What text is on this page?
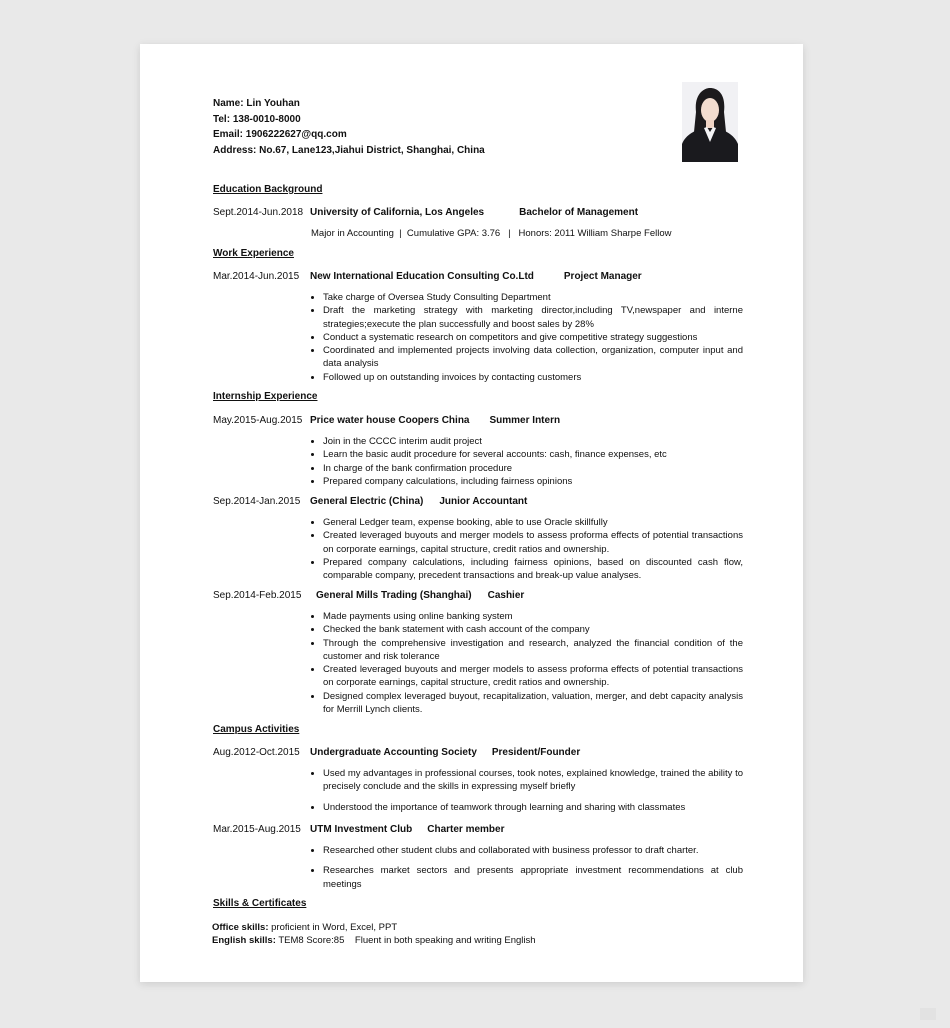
Name: Lin Youhan
Tel: 138-0010-8000
Email: 1906222627@qq.com
Address: No.67, Lane123,Jiahui District, Shanghai, China
Education Background
Sept.2014-Jun.2018 University of California, Los Angeles	Bachelor of Management
Major in Accounting  |  Cumulative GPA: 3.76   |   Honors: 2011 William Sharpe Fellow
Work Experience
Mar.2014-Jun.2015 New International Education Consulting Co.Ltd	Project Manager
• Take charge of Oversea Study Consulting Department
• Draft the marketing strategy with marketing director,including TV,newspaper and interne strategies;execute the plan successfully and boost sales by 28%
• Conduct a systematic research on competitors and give competitive strategy suggestions
• Coordinated and implemented projects involving data collection, organization, computer input and data analysis
• Followed up on outstanding invoices by contacting customers
Internship Experience
May.2015-Aug.2015 Price water house Coopers China Summer Intern
• Join in the CCCC interim audit project
• Learn the basic audit procedure for several accounts: cash, finance expenses, etc
• In charge of the bank confirmation procedure
• Prepared company calculations, including fairness opinions
Sep.2014-Jan.2015 General Electric (China) Junior Accountant
• General Ledger team, expense booking, able to use Oracle skillfully
• Created leveraged buyouts and merger models to assess proforma effects of potential transactions on corporate earnings, capital structure, credit ratios and ownership.
• Prepared company calculations, including fairness opinions, based on discounted cash flow, comparable company, precedent transactions and break-up value analyses.
Sep.2014-Feb.2015 General Mills Trading (Shanghai) Cashier
• Made payments using online banking system
• Checked the bank statement with cash account of the company
• Through the comprehensive investigation and research, analyzed the financial condition of the customer and risk tolerance
• Created leveraged buyouts and merger models to assess proforma effects of potential transactions on corporate earnings, capital structure, credit ratios and ownership.
• Designed complex leveraged buyout, recapitalization, valuation, merger, and debt capacity analysis for Merrill Lynch clients.
Campus Activities
Aug.2012-Oct.2015 Undergraduate Accounting Society President/Founder
• Used my advantages in professional courses, took notes, explained knowledge, trained the ability to precisely conclude and the skills in expressing myself briefly
• Understood the importance of teamwork through learning and sharing with classmates
Mar.2015-Aug.2015 UTM Investment Club Charter member
• Researched other student clubs and collaborated with business professor to draft charter.
• Researches market sectors and presents appropriate investment recommendations at club meetings
Skills & Certificates
Office skills: proficient in Word, Excel, PPT
English skills: TEM8 Score:85    Fluent in both speaking and writing English
